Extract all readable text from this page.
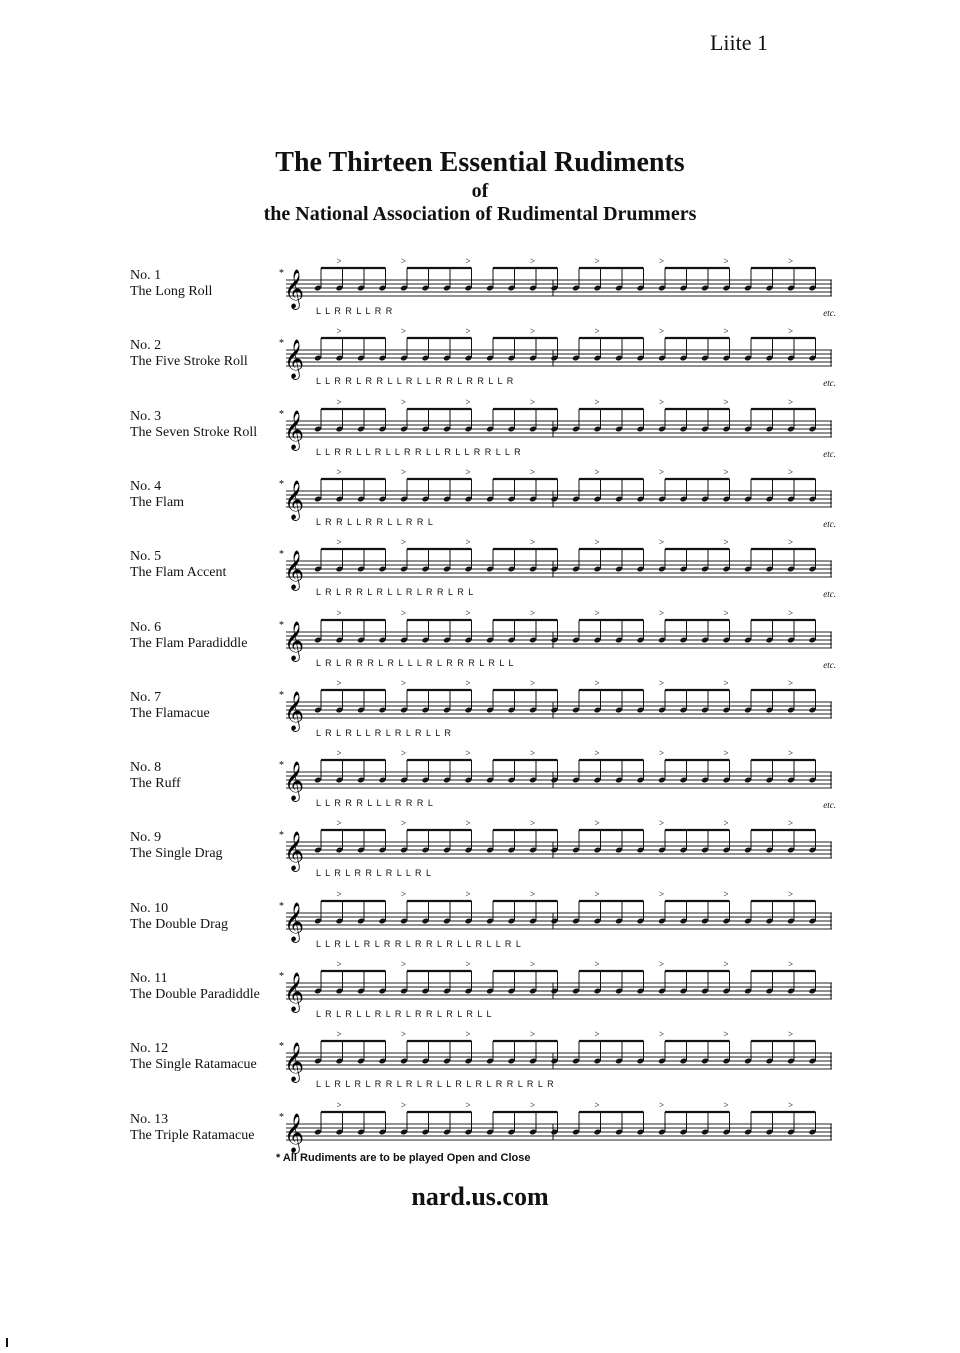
Liite 1
The Thirteen Essential Rudiments
of
the National Association of Rudimental Drummers
No. 1
The Long Roll	𝄞
*
>	>	>	>	>	>	>	>
L L R R L L R R	etc.
No. 2
The Five Stroke Roll	𝄞
*
>	>	>	>	>	>	>	>
L L R R L R R L L R L L R R L R R L L R	etc.
No. 3
The Seven Stroke Roll 𝄞
*
>	>	>	>	>	>	>	>
L L R R L L R L L R R L L R L L R R L L R	etc.
No. 4
The Flam	𝄞
*
>	>	>	>	>	>	>	>
L R R L L R R L L R R L	etc.
No. 5
The Flam Accent	𝄞
*
>	>	>	>	>	>	>	>
L R L R R L R L L R L R R L R L	etc.
No. 6
The Flam Paradiddle	𝄞
*
>	>	>	>	>	>	>	>
L R L R R R L R L L L R L R R R L R L L	etc.
No. 7
The Flamacue	𝄞
*
>	>	>	>	>	>	>	>
L R L R L L R L R L R L L R
No. 8
The Ruff	𝄞
*
>	>	>	>	>	>	>	>
L L R R R L L L R R R L	etc.
No. 9
The Single Drag	𝄞
*
>	>	>	>	>	>	>	>
L L R L R R L R L L R L
No. 10
The Double Drag	𝄞
*
>	>	>	>	>	>	>	>
L L R L L R L R R L R R L R L L R L L R L
No. 11
The Double Paradiddle 𝄞
*
>	>	>	>	>	>	>	>
L R L R L L R L R L R R L R L R L L
No. 12
The Single Ratamacue 𝄞
*
>	>	>	>	>	>	>	>
L L R L R L R R L R L R L L R L R L R R L R L R
No. 13
The Triple Ratamacue 𝄞
*
>	>	>	>	>	>	>	>
* All Rudiments are to be played Open and Close
nard.us.com
